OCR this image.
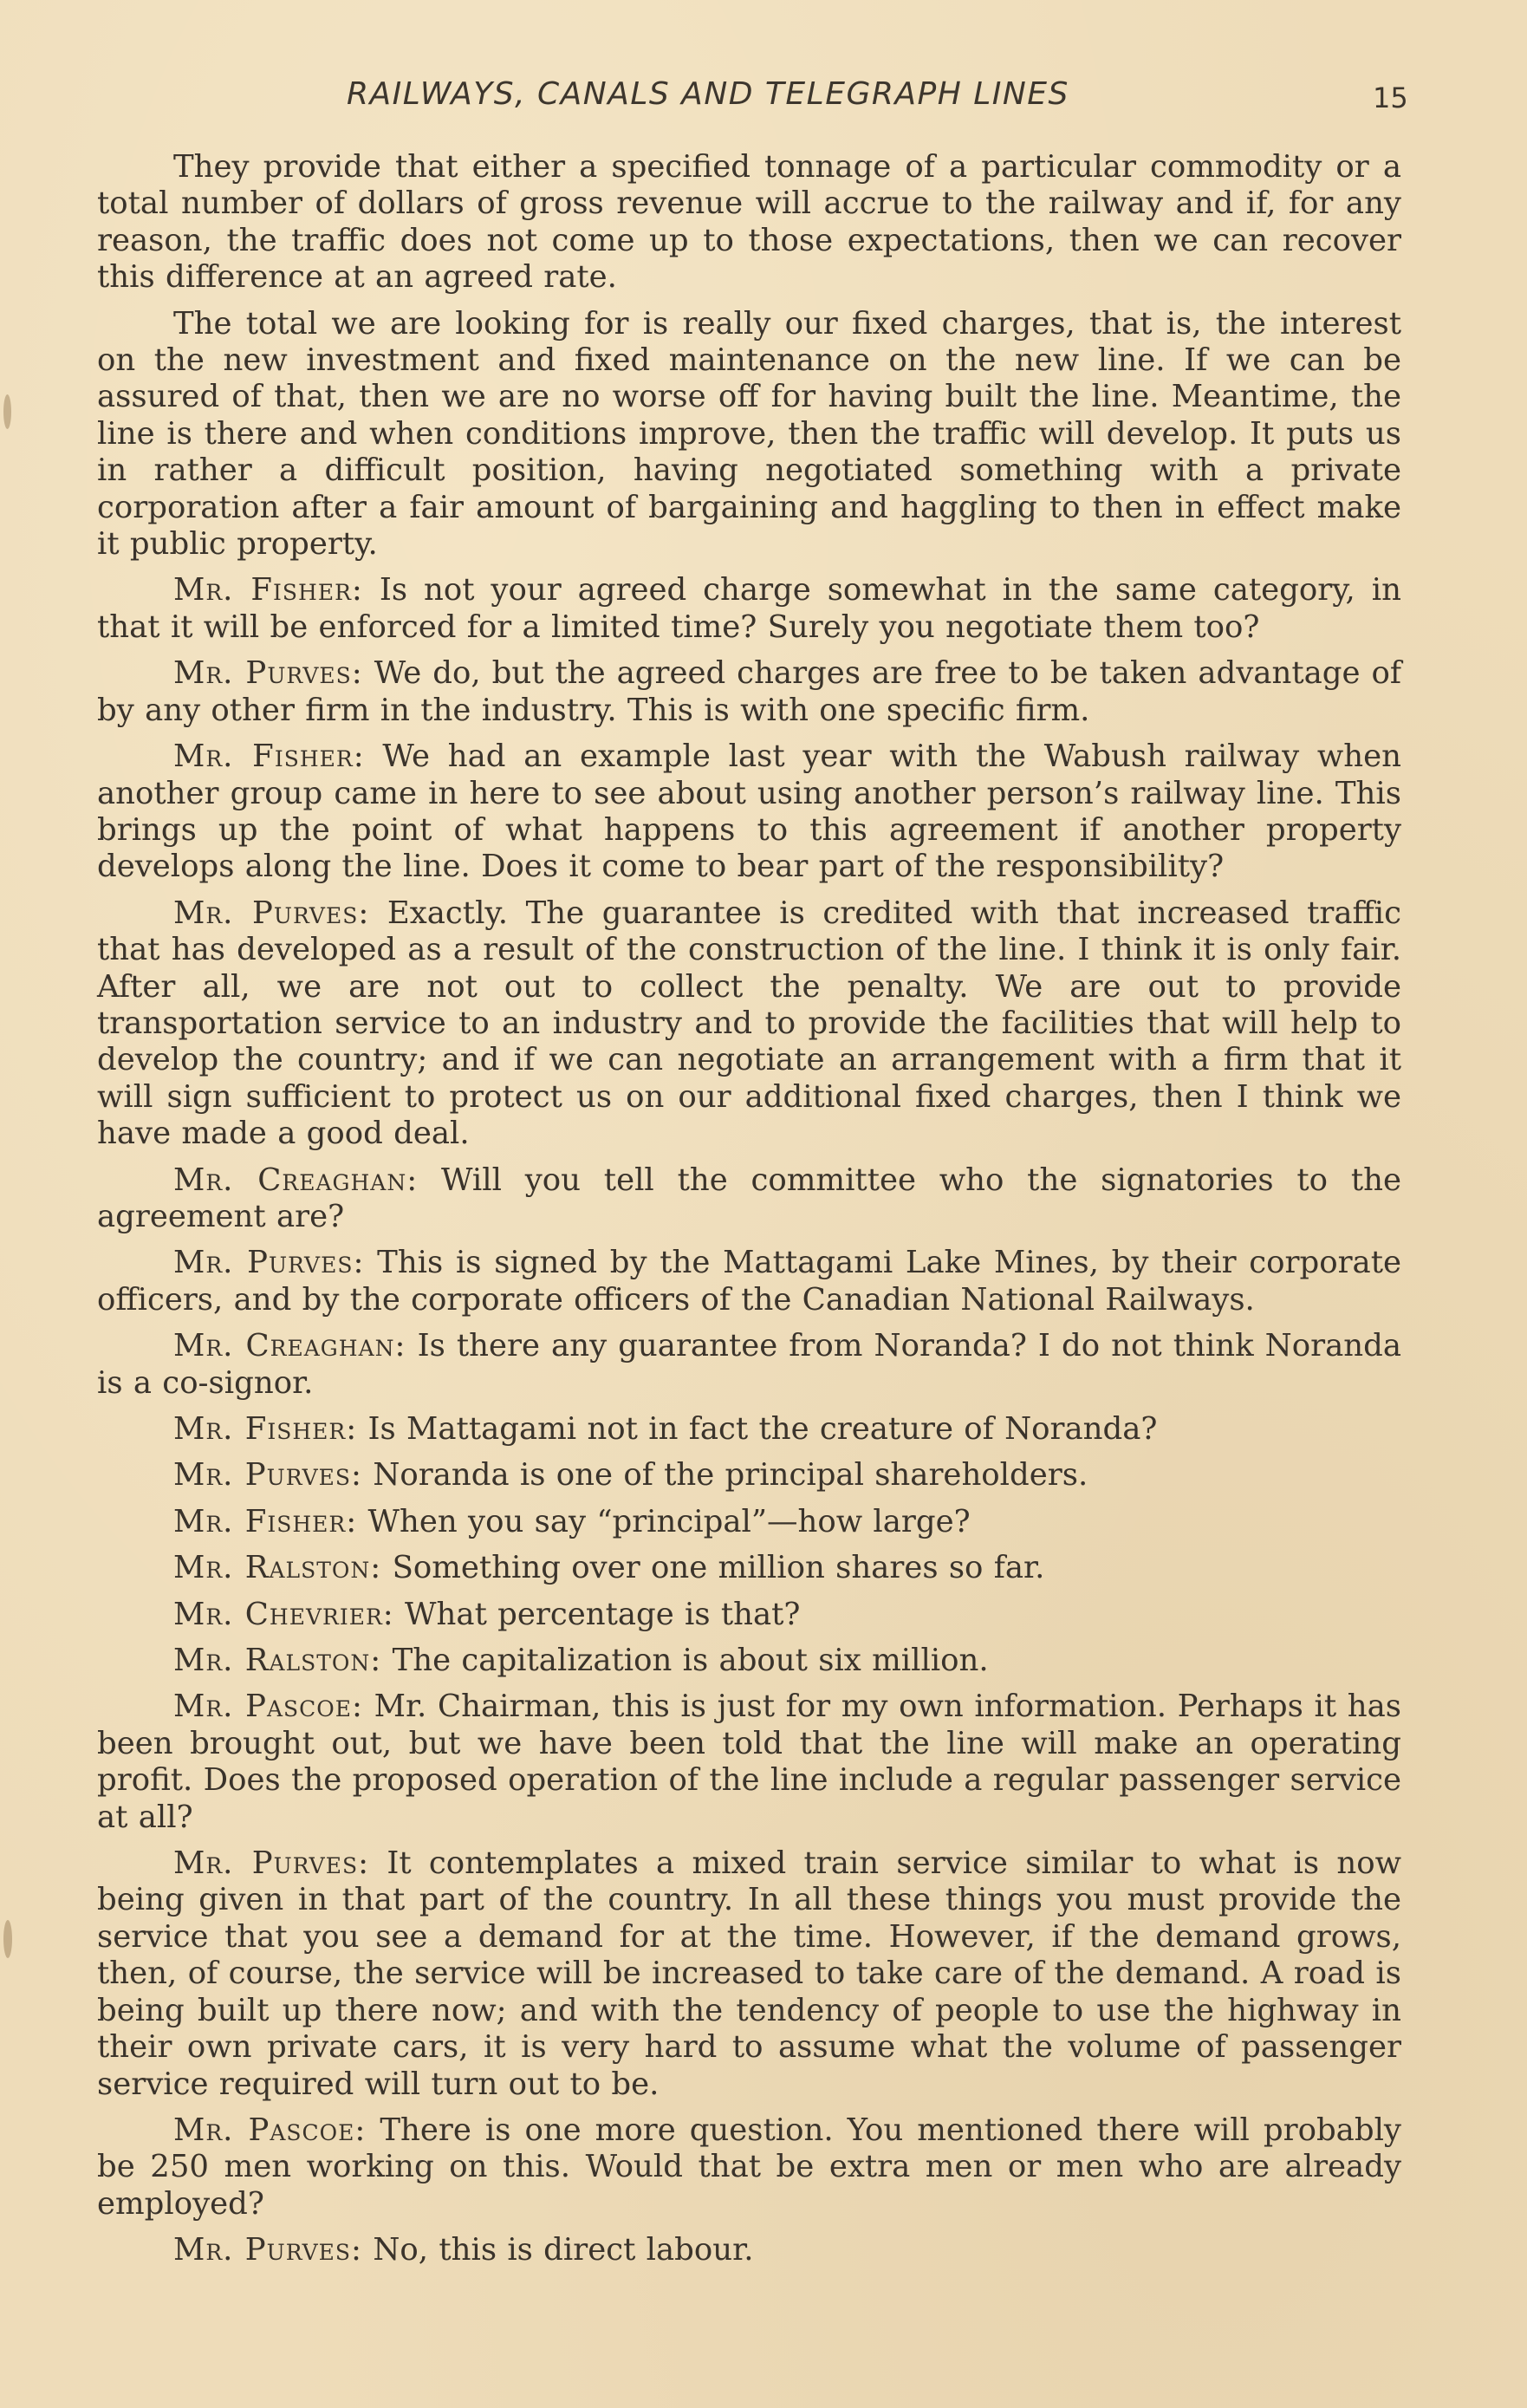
RAILWAYS, CANALS AND TELEGRAPH LINES	15

They provide that either a specified tonnage of a particular commodity or a total number of dollars of gross revenue will accrue to the railway and if, for any reason, the traffic does not come up to those expectations, then we can recover this difference at an agreed rate.

The total we are looking for is really our fixed charges, that is, the interest on the new investment and fixed maintenance on the new line. If we can be assured of that, then we are no worse off for having built the line. Meantime, the line is there and when conditions improve, then the traffic will develop. It puts us in rather a difficult position, having negotiated something with a private corporation after a fair amount of bargaining and haggling to then in effect make it public property.

Mr. Fisher: Is not your agreed charge somewhat in the same category, in that it will be enforced for a limited time? Surely you negotiate them too?

Mr. Purves: We do, but the agreed charges are free to be taken advantage of by any other firm in the industry. This is with one specific firm.

Mr. Fisher: We had an example last year with the Wabush railway when another group came in here to see about using another person’s railway line. This brings up the point of what happens to this agreement if another property develops along the line. Does it come to bear part of the responsibility?

Mr. Purves: Exactly. The guarantee is credited with that increased traffic that has developed as a result of the construction of the line. I think it is only fair. After all, we are not out to collect the penalty. We are out to provide transportation service to an industry and to provide the facilities that will help to develop the country; and if we can negotiate an arrangement with a firm that it will sign sufficient to protect us on our additional fixed charges, then I think we have made a good deal.

Mr. Creaghan: Will you tell the committee who the signatories to the agreement are?

Mr. Purves: This is signed by the Mattagami Lake Mines, by their corporate officers, and by the corporate officers of the Canadian National Railways.

Mr. Creaghan: Is there any guarantee from Noranda? I do not think Noranda is a co-signor.

Mr. Fisher: Is Mattagami not in fact the creature of Noranda?

Mr. Purves: Noranda is one of the principal shareholders.

Mr. Fisher: When you say “principal”—how large?

Mr. Ralston: Something over one million shares so far.

Mr. Chevrier: What percentage is that?

Mr. Ralston: The capitalization is about six million.

Mr. Pascoe: Mr. Chairman, this is just for my own information. Perhaps it has been brought out, but we have been told that the line will make an operating profit. Does the proposed operation of the line include a regular passenger service at all?

Mr. Purves: It contemplates a mixed train service similar to what is now being given in that part of the country. In all these things you must provide the service that you see a demand for at the time. However, if the demand grows, then, of course, the service will be increased to take care of the demand. A road is being built up there now; and with the tendency of people to use the highway in their own private cars, it is very hard to assume what the volume of passenger service required will turn out to be.

Mr. Pascoe: There is one more question. You mentioned there will probably be 250 men working on this. Would that be extra men or men who are already employed?

Mr. Purves: No, this is direct labour.
